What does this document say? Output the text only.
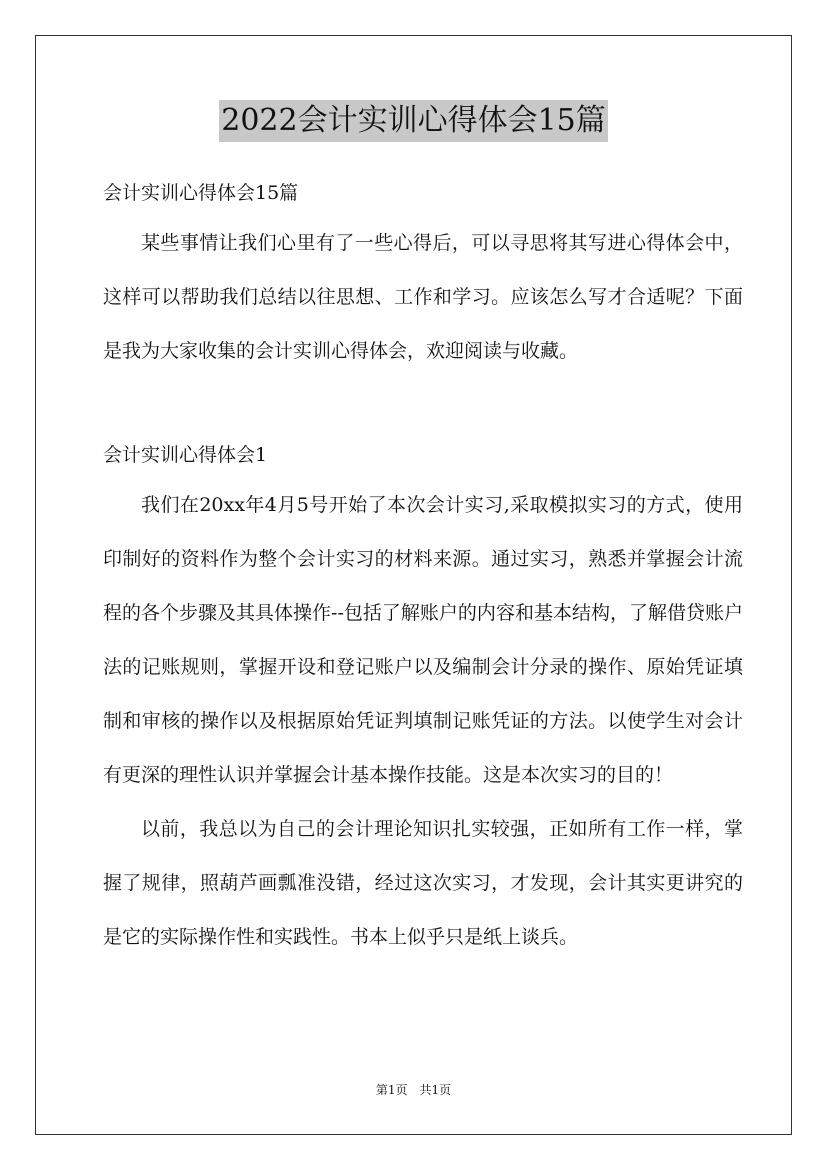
2022会计实训心得体会15篇
会计实训心得体会15篇

某些事情让我们心里有了一些心得后，可以寻思将其写进心得体会中，这样可以帮助我们总结以往思想、工作和学习。应该怎么写才合适呢？下面是我为大家收集的会计实训心得体会，欢迎阅读与收藏。

会计实训心得体会1

我们在20xx年4月5号开始了本次会计实习,采取模拟实习的方式，使用印制好的资料作为整个会计实习的材料来源。通过实习，熟悉并掌握会计流程的各个步骤及其具体操作--包括了解账户的内容和基本结构，了解借贷账户法的记账规则，掌握开设和登记账户以及编制会计分录的操作、原始凭证填制和审核的操作以及根据原始凭证判填制记账凭证的方法。以使学生对会计有更深的理性认识并掌握会计基本操作技能。这是本次实习的目的！

以前，我总以为自己的会计理论知识扎实较强，正如所有工作一样，掌握了规律，照葫芦画瓢准没错，经过这次实习，才发现，会计其实更讲究的是它的实际操作性和实践性。书本上似乎只是纸上谈兵。

第1页　共1页
